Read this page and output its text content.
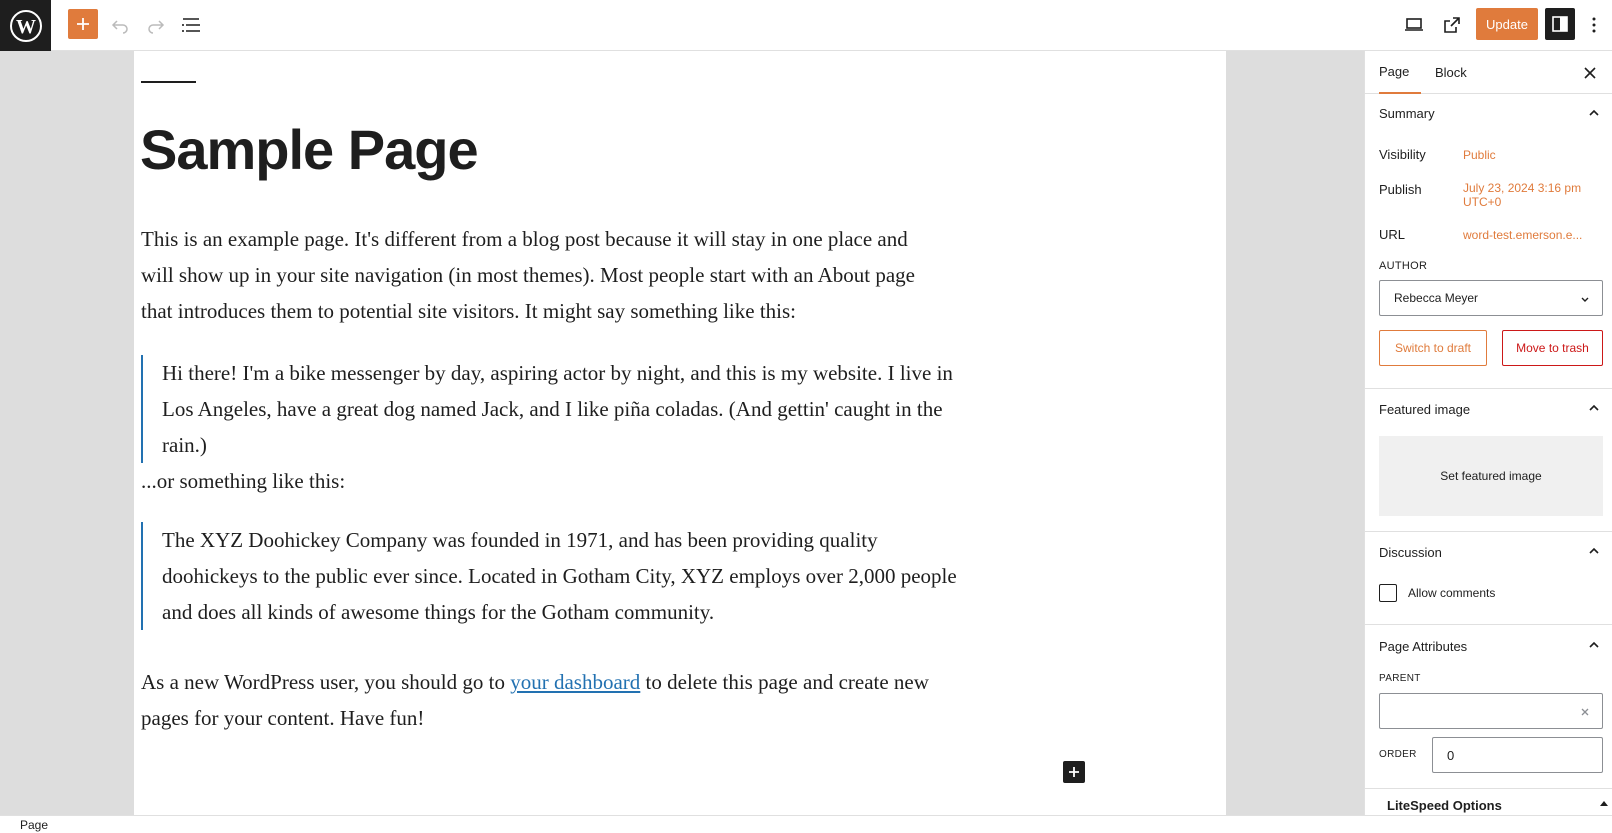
W	Update
Sample Page

This is an example page. It's different from a blog post because it will stay in one place and will show up in your site navigation (in most themes). Most people start with an About page that introduces them to potential site visitors. It might say something like this:

Hi there! I'm a bike messenger by day, aspiring actor by night, and this is my website. I live in Los Angeles, have a great dog named Jack, and I like piña coladas. (And gettin' caught in the rain.)

...or something like this:

The XYZ Doohickey Company was founded in 1971, and has been providing quality doohickeys to the public ever since. Located in Gotham City, XYZ employs over 2,000 people and does all kinds of awesome things for the Gotham community.

As a new WordPress user, you should go to your dashboard to delete this page and create new pages for your content. Have fun!

Page Block
Summary
Visibility	Public
Publish	July 23, 2024 3:16 pm UTC+0
URL	word-test.emerson.e...
AUTHOR
Rebecca Meyer
Switch to draft	Move to trash
Featured image
Set featured image
Discussion
Allow comments
Page Attributes
PARENT
ORDER 0
LiteSpeed Options
Page
